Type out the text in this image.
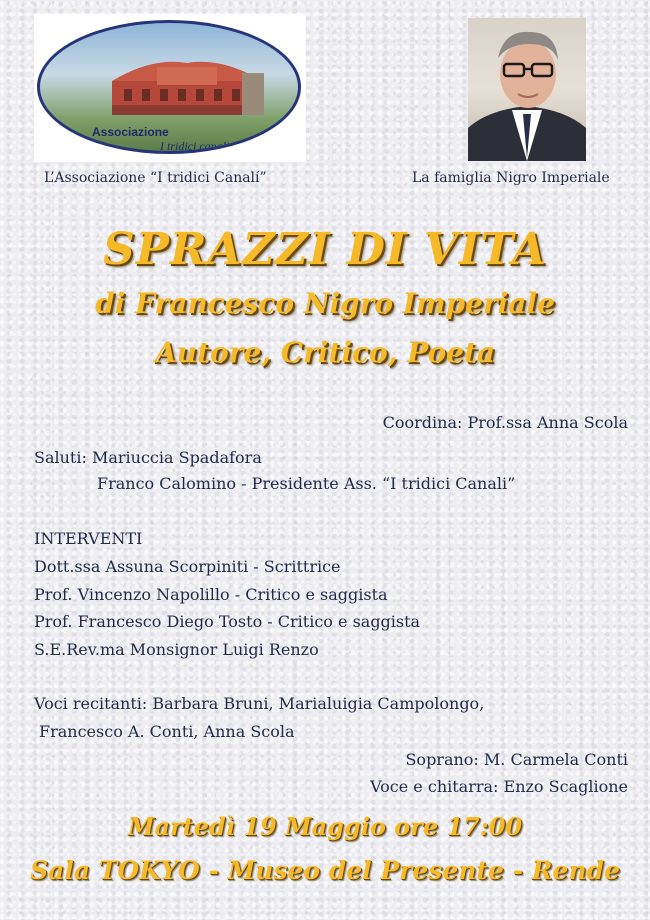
Associazione
I tridici canali
L’Associazione “I tridici Canalí”	La famiglia Nigro Imperiale
SPRAZZI DI VITA
di Francesco Nigro Imperiale
Autore, Critico, Poeta
Coordina: Prof.ssa Anna Scola
Saluti: Mariuccia Spadafora
Franco Calomino - Presidente Ass. “I tridici Canali”
INTERVENTI
Dott.ssa Assuna Scorpiniti - Scrittrice
Prof. Vincenzo Napolillo - Critico e saggista
Prof. Francesco Diego Tosto - Critico e saggista
S.E.Rev.ma Monsignor Luigi Renzo
Voci recitanti: Barbara Bruni, Marialuigia Campolongo,
Francesco A. Conti, Anna Scola
Soprano: M. Carmela Conti
Voce e chitarra: Enzo Scaglione
Martedì 19 Maggio ore 17:00
Sala TOKYO - Museo del Presente - Rende
